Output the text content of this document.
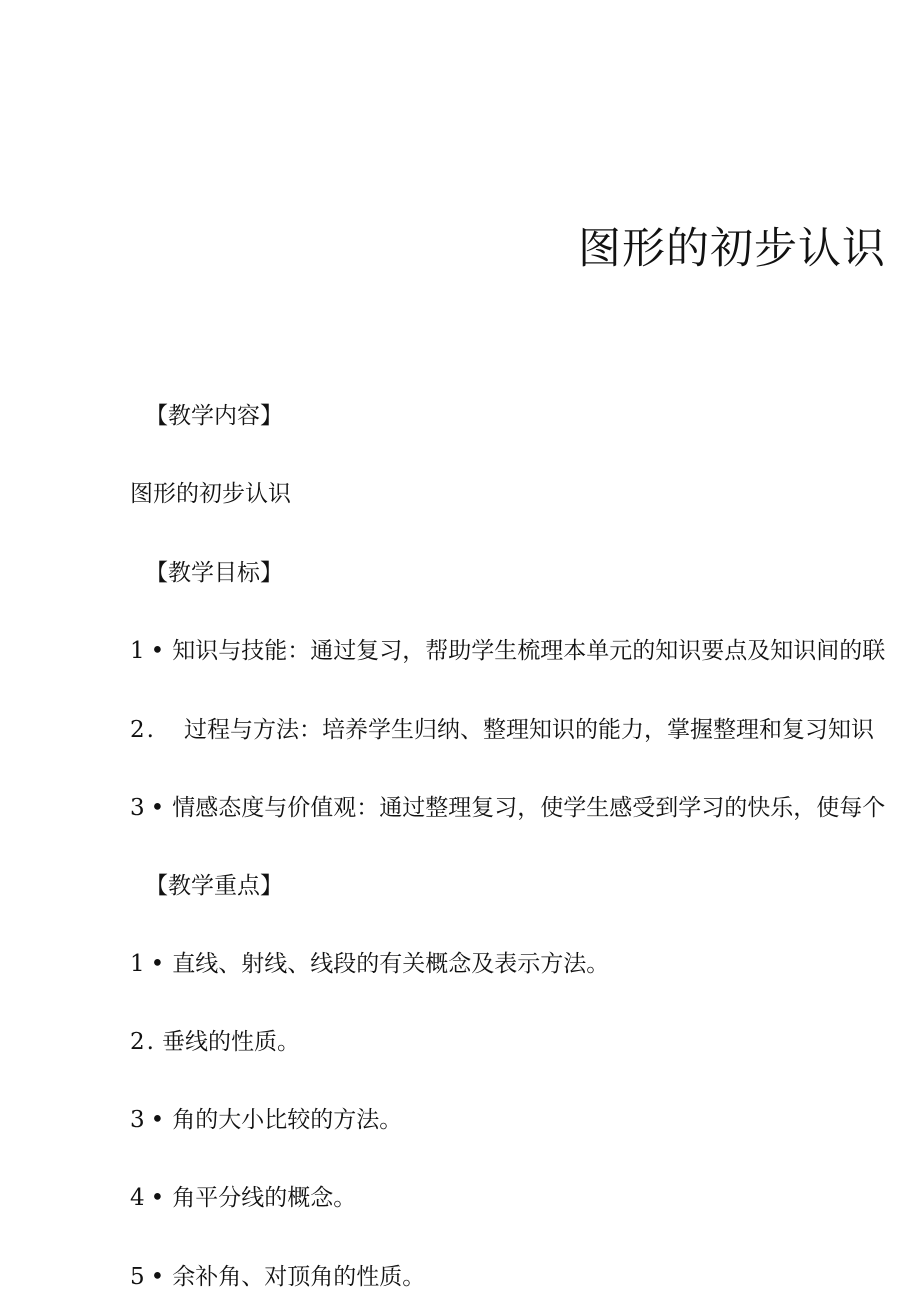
图形的初步认识
【教学内容】
图形的初步认识
【教学目标】
1 • 知识与技能：通过复习，帮助学生梳理本单元的知识要点及知识间的联
2. 过程与方法：培养学生归纳、整理知识的能力，掌握整理和复习知识
3 • 情感态度与价值观：通过整理复习，使学生感受到学习的快乐，使每个
【教学重点】
1 • 直线、射线、线段的有关概念及表示方法。
2. 垂线的性质。
3 • 角的大小比较的方法。
4 • 角平分线的概念。
5 • 余补角、对顶角的性质。
